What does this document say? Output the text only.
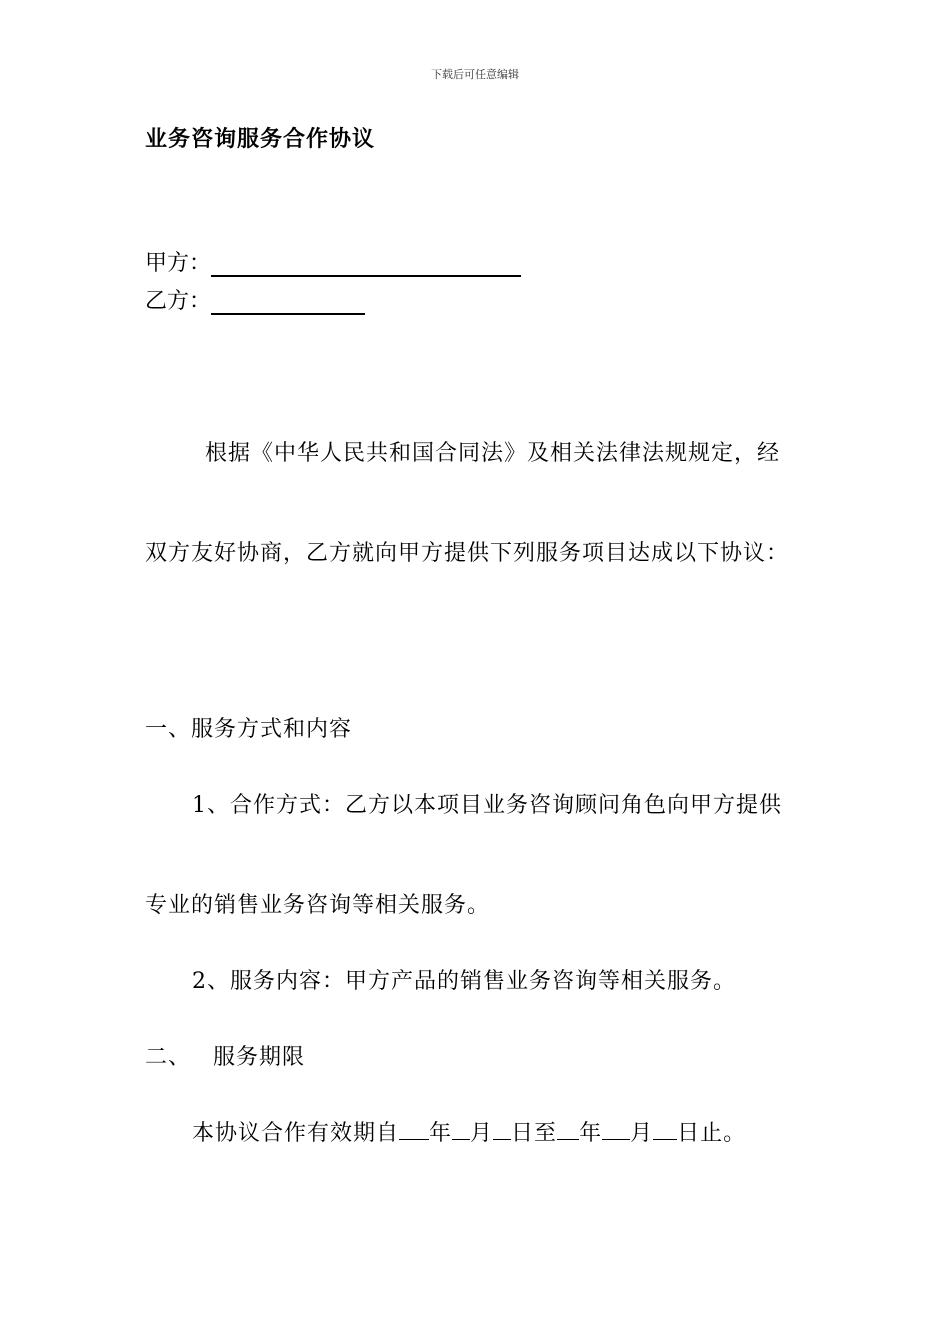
下载后可任意编辑
业务咨询服务合作协议
甲方：
乙方：
根据《中华人民共和国合同法》及相关法律法规规定，经
双方友好协商，乙方就向甲方提供下列服务项目达成以下协议：
一、服务方式和内容
1、合作方式：乙方以本项目业务咨询顾问角色向甲方提供
专业的销售业务咨询等相关服务。
2、服务内容：甲方产品的销售业务咨询等相关服务。
二、 服务期限
本协议合作有效期自 年 月 日至 年 月 日止。
